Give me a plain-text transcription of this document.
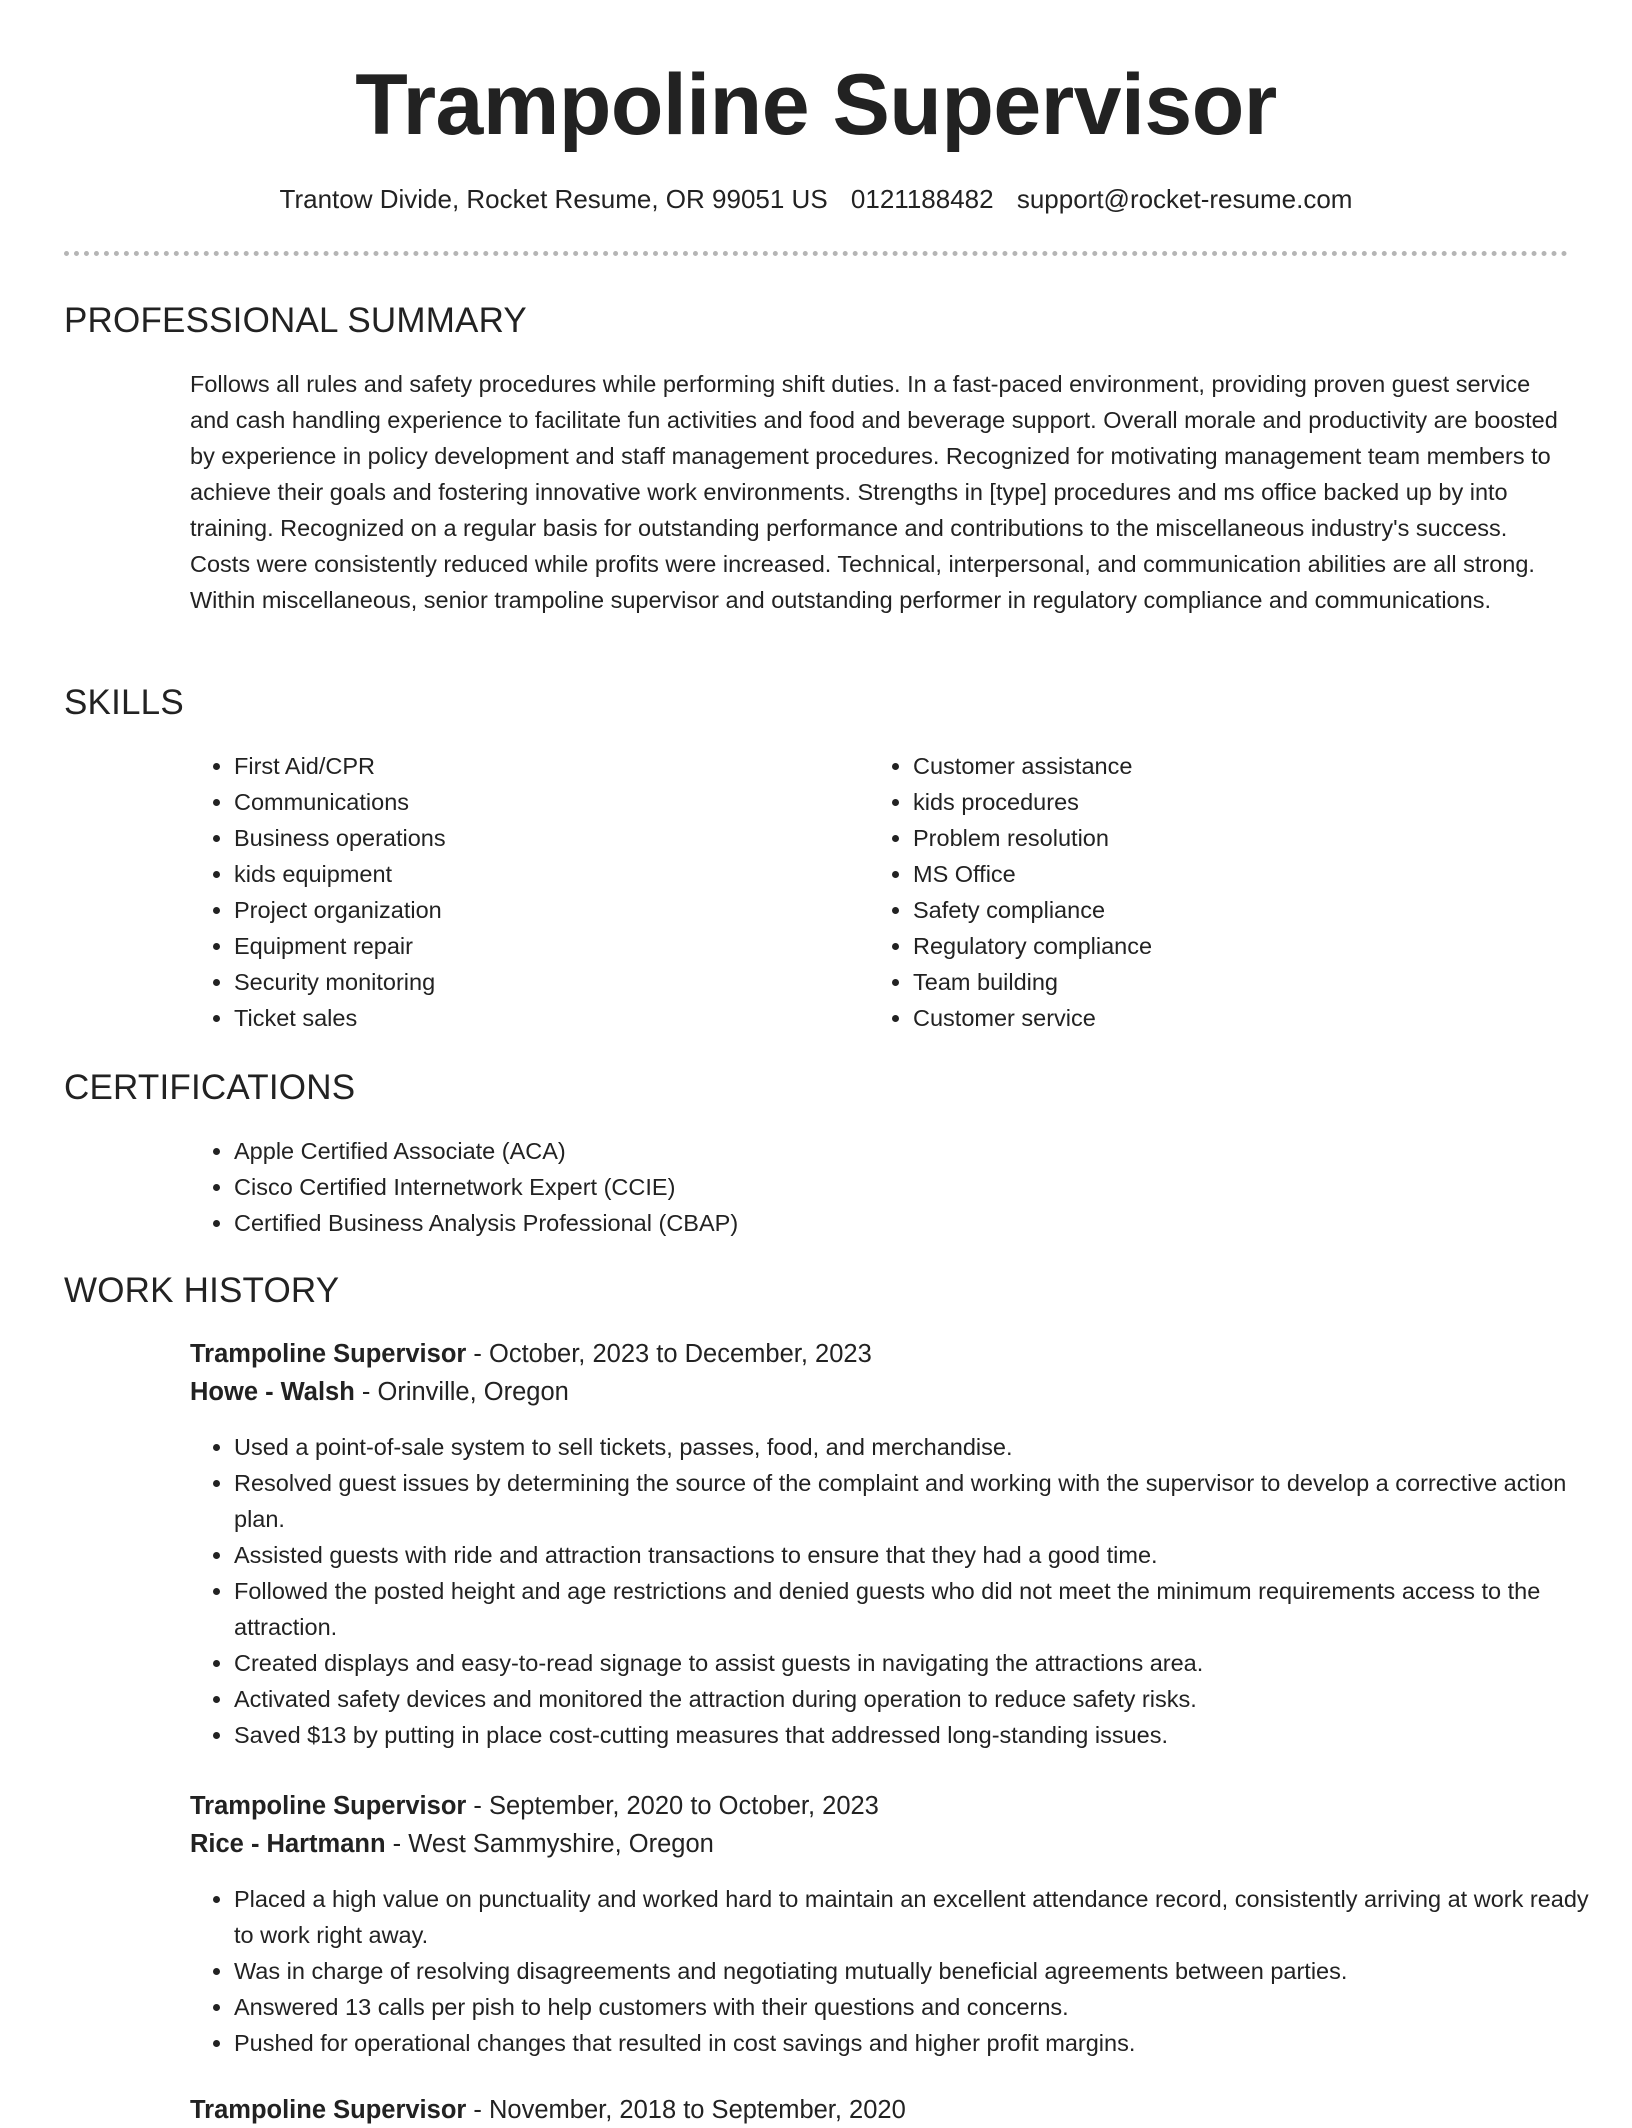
Trampoline Supervisor
Trantow Divide, Rocket Resume, OR 99051 US 0121188482 support@rocket-resume.com
PROFESSIONAL SUMMARY

Follows all rules and safety procedures while performing shift duties. In a fast-paced environment, providing proven guest service and cash handling experience to facilitate fun activities and food and beverage support. Overall morale and productivity are boosted by experience in policy development and staff management procedures. Recognized for motivating management team members to achieve their goals and fostering innovative work environments. Strengths in [type] procedures and ms office backed up by into training. Recognized on a regular basis for outstanding performance and contributions to the miscellaneous industry's success. Costs were consistently reduced while profits were increased. Technical, interpersonal, and communication abilities are all strong. Within miscellaneous, senior trampoline supervisor and outstanding performer in regulatory compliance and communications.

SKILLS
• First Aid/CPR
• Communications
• Business operations
• kids equipment
• Project organization
• Equipment repair
• Security monitoring
• Ticket sales
• Customer assistance
• kids procedures
• Problem resolution
• MS Office
• Safety compliance
• Regulatory compliance
• Team building
• Customer service
CERTIFICATIONS
• Apple Certified Associate (ACA)
• Cisco Certified Internetwork Expert (CCIE)
• Certified Business Analysis Professional (CBAP)
WORK HISTORY
Trampoline Supervisor - October, 2023 to December, 2023
Howe - Walsh - Orinville, Oregon
• Used a point-of-sale system to sell tickets, passes, food, and merchandise.
• Resolved guest issues by determining the source of the complaint and working with the supervisor to develop a corrective action plan.
• Assisted guests with ride and attraction transactions to ensure that they had a good time.
• Followed the posted height and age restrictions and denied guests who did not meet the minimum requirements access to the attraction.
• Created displays and easy-to-read signage to assist guests in navigating the attractions area.
• Activated safety devices and monitored the attraction during operation to reduce safety risks.
• Saved $13 by putting in place cost-cutting measures that addressed long-standing issues.
Trampoline Supervisor - September, 2020 to October, 2023
Rice - Hartmann - West Sammyshire, Oregon
• Placed a high value on punctuality and worked hard to maintain an excellent attendance record, consistently arriving at work ready to work right away.
• Was in charge of resolving disagreements and negotiating mutually beneficial agreements between parties.
• Answered 13 calls per pish to help customers with their questions and concerns.
• Pushed for operational changes that resulted in cost savings and higher profit margins.
Trampoline Supervisor - November, 2018 to September, 2020
